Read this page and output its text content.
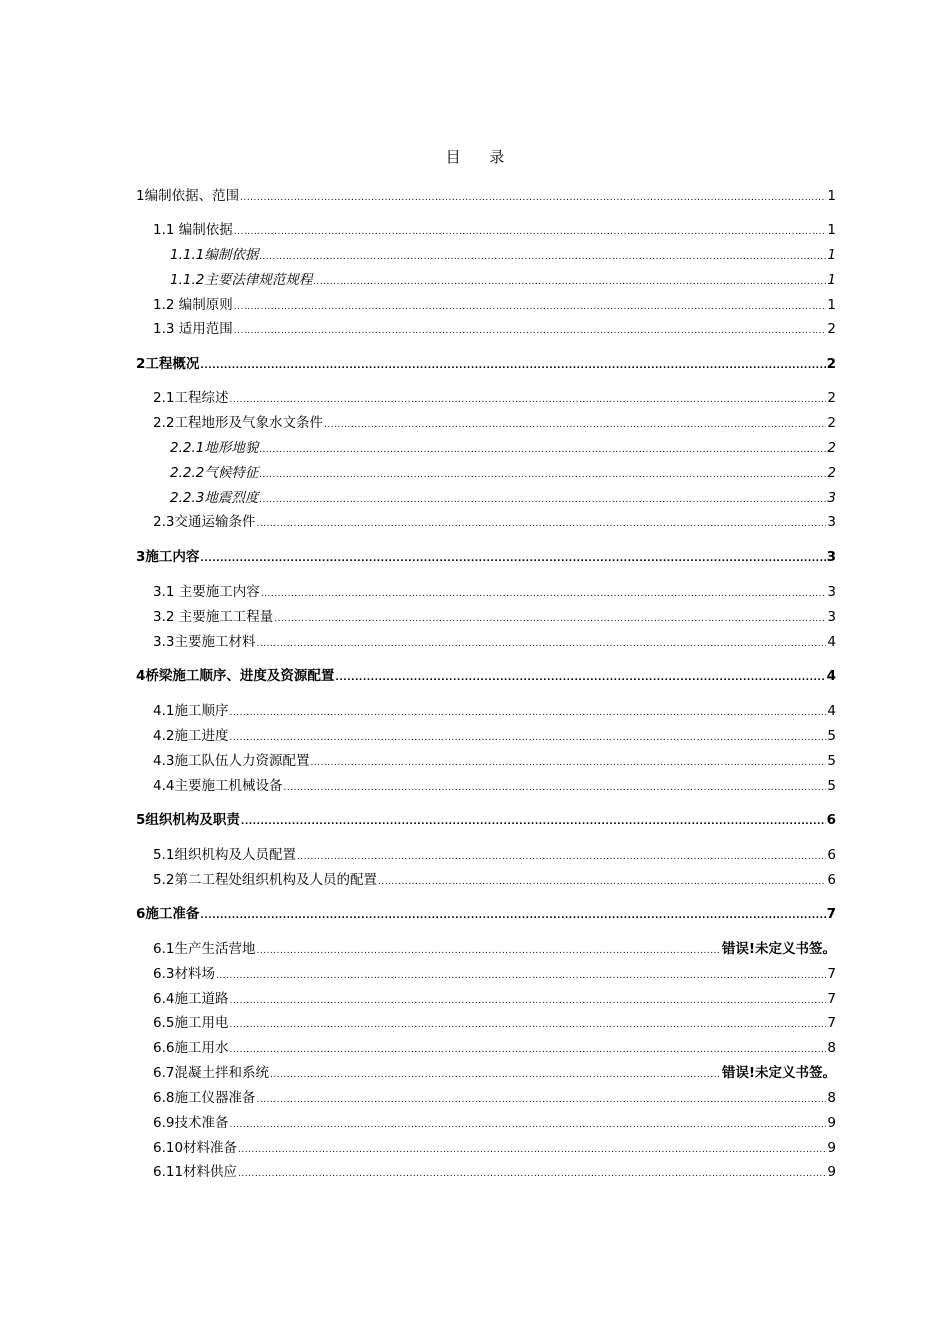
目 录
1编制依据、范围 .....	1
1.1 编制依据 .....	1
1.1.1编制依据 .....	1
1.1.2主要法律规范规程 .....	1
1.2 编制原则 .....	1
1.3 适用范围 .....	2
2工程概况 .....	2
2.1工程综述 .....	2
2.2工程地形及气象水文条件 .....	2
2.2.1地形地貌 .....	2
2.2.2气候特征 .....	2
2.2.3地震烈度 .....	3
2.3交通运输条件 .....	3
3施工内容 .....	3
3.1 主要施工内容 .....	3
3.2 主要施工工程量 .....	3
3.3主要施工材料 .....	4
4桥梁施工顺序、进度及资源配置 .....	4
4.1施工顺序 .....	4
4.2施工进度 .....	5
4.3施工队伍人力资源配置 .....	5
4.4主要施工机械设备 .....	5
5组织机构及职责 .....	6
5.1组织机构及人员配置 .....	6
5.2第二工程处组织机构及人员的配置 .....	6
6施工准备 .....	7
6.1生产生活营地 .....	错误!未定义书签。
6.3材料场 .....	7
6.4施工道路 .....	7
6.5施工用电 .....	7
6.6施工用水 .....	8
6.7混凝土拌和系统 .....	错误!未定义书签。
6.8施工仪器准备 .....	8
6.9技术准备 .....	9
6.10材料准备 .....	9
6.11材料供应 .....	9
